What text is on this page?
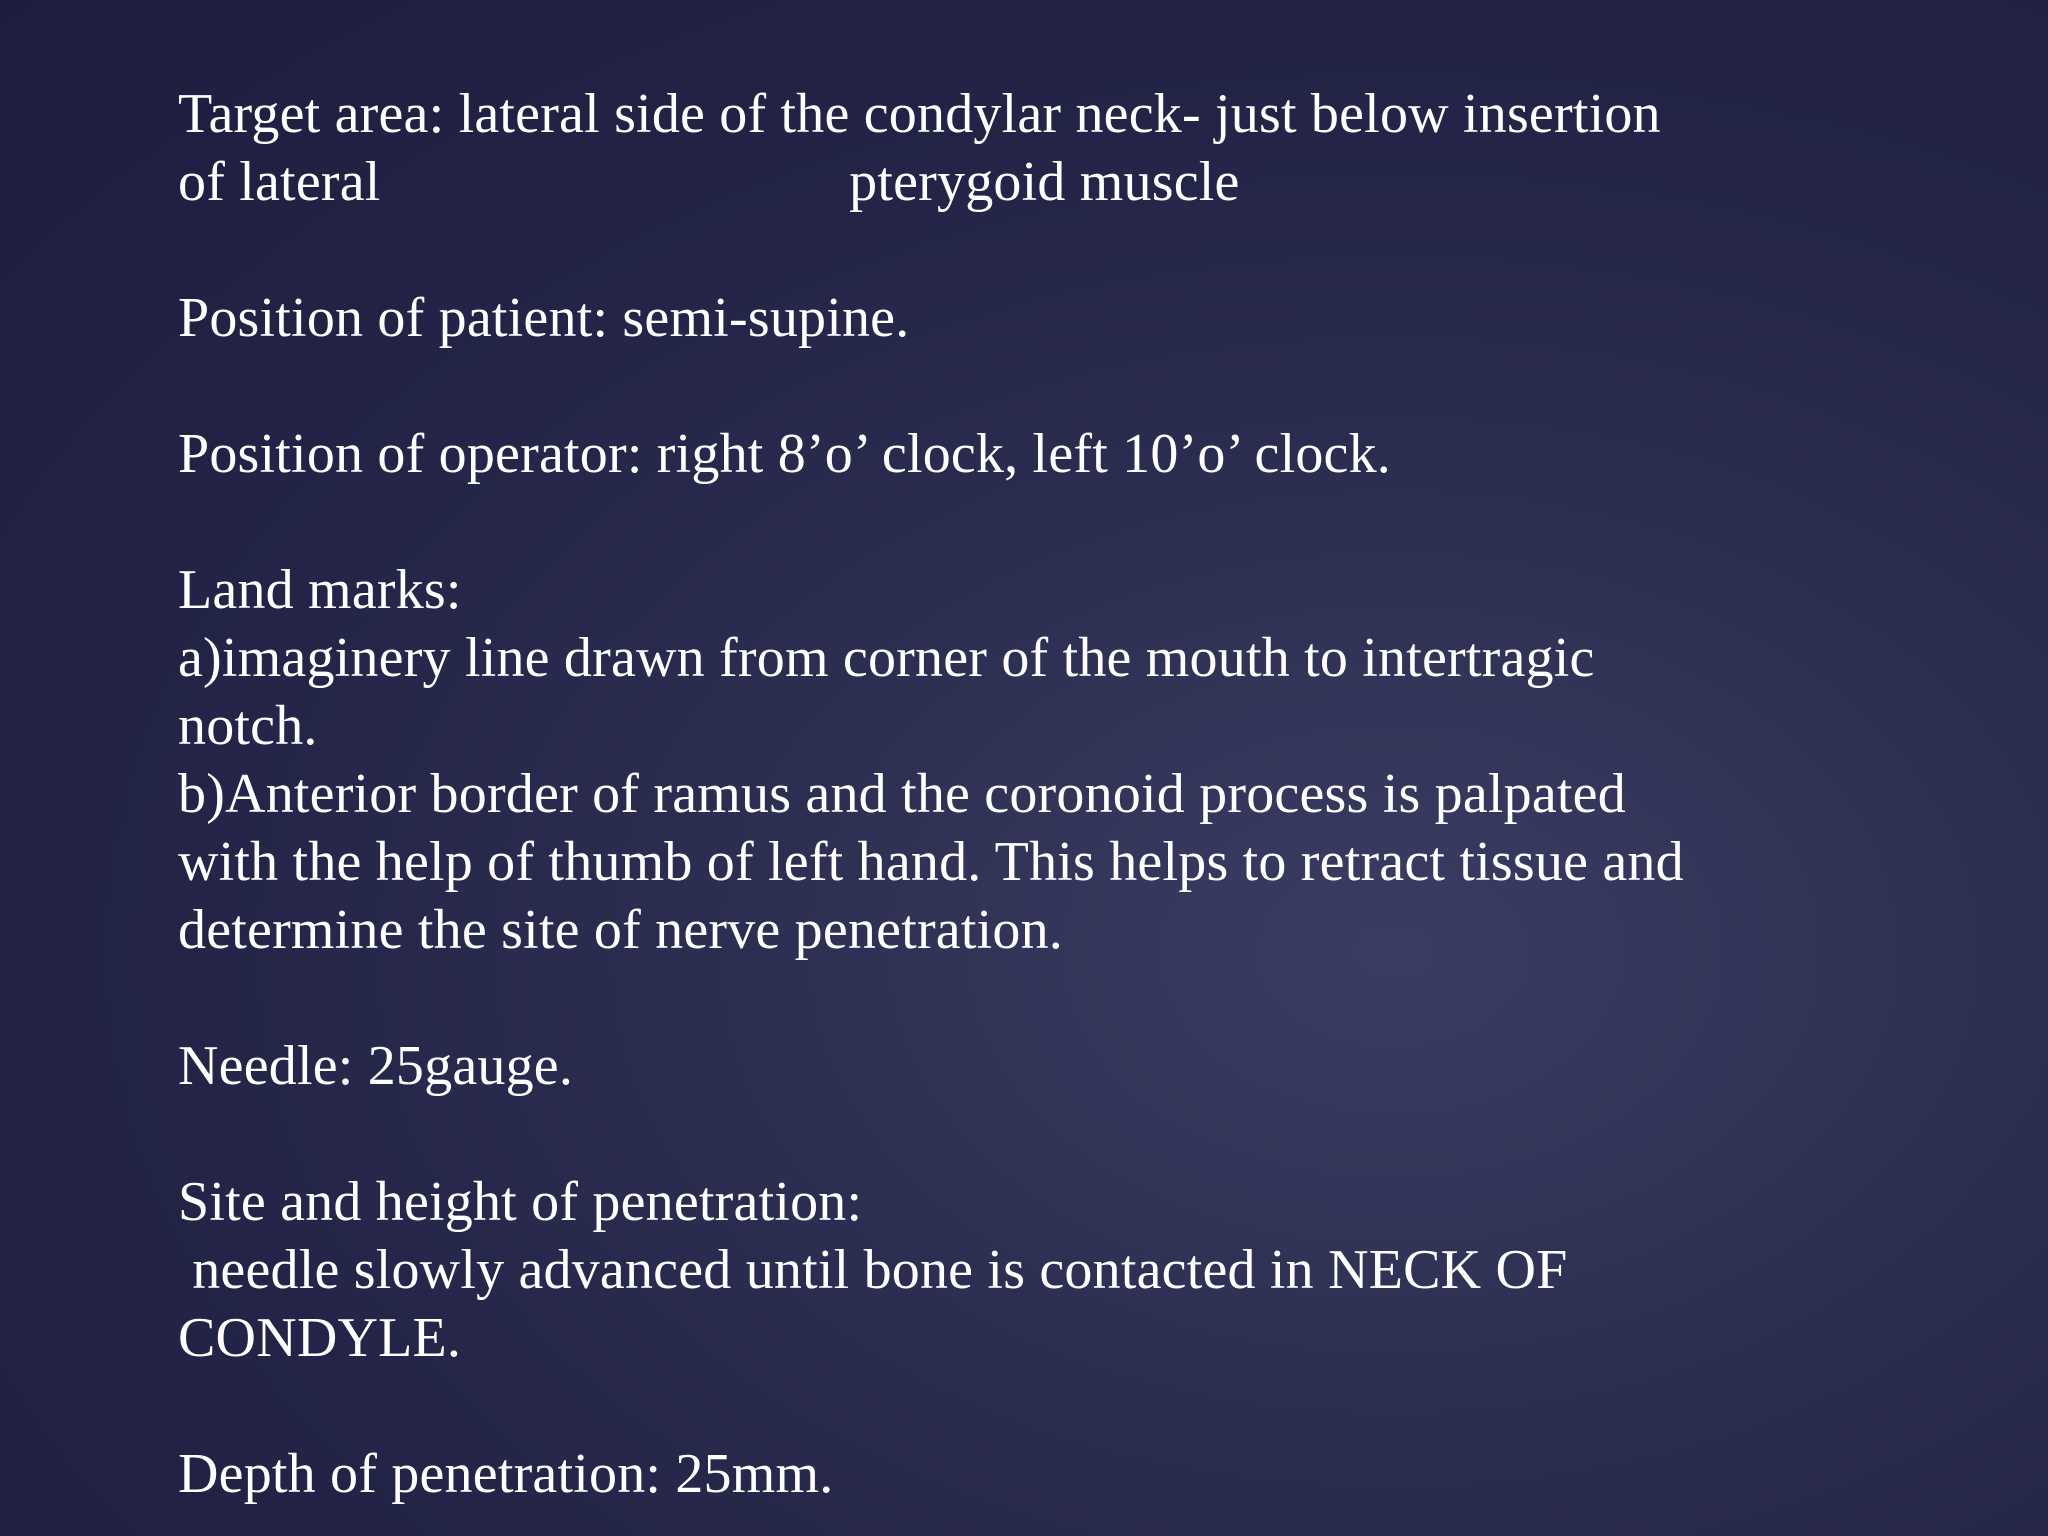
Target area: lateral side of the condylar neck- just below insertion
of lateral                                 pterygoid muscle
Position of patient: semi-supine.
Position of operator: right 8’o’ clock, left 10’o’ clock.
Land marks:
a)imaginery line drawn from corner of the mouth to intertragic
notch.
b)Anterior border of ramus and the coronoid process is palpated
with the help of thumb of left hand. This helps to retract tissue and
determine the site of nerve penetration.
Needle: 25gauge.
Site and height of penetration:
needle slowly advanced until bone is contacted in NECK OF
CONDYLE.
Depth of penetration: 25mm.
